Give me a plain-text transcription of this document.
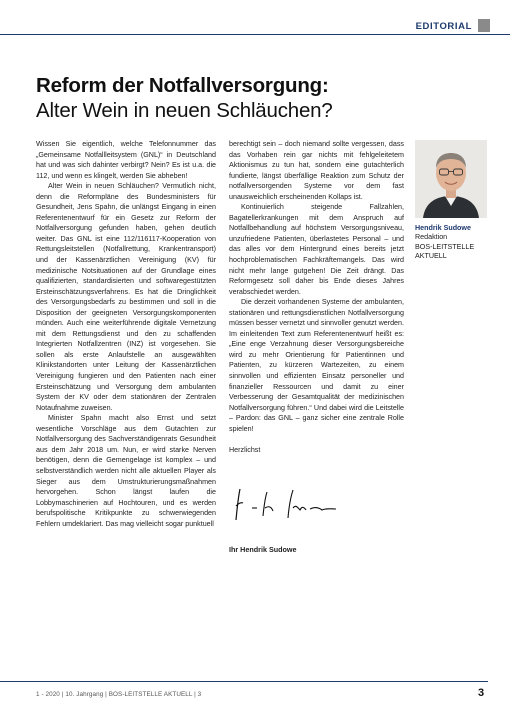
EDITORIAL
Reform der Notfallversorgung:
Alter Wein in neuen Schläuchen?

Wissen Sie eigentlich, welche Telefonnummer das „Gemeinsame Notfallleitsystem (GNL)“ in Deutschland hat und was sich dahinter verbirgt? Nein? Es ist u.a. die 112, und wenn es klingelt, werden Sie abheben!

Alter Wein in neuen Schläuchen? Vermutlich nicht, denn die Reformpläne des Bundesministers für Gesundheit, Jens Spahn, die unlängst Eingang in einen Referentenentwurf für ein Gesetz zur Reform der Notfallversorgung gefunden haben, gehen deutlich weiter. Das GNL ist eine 112/116117-Kooperation von Rettungsleitstellen (Notfallrettung, Krankentransport) und der Kassenärztlichen Vereinigung (KV) für medizinische Notsituationen auf der Grundlage eines qualifizierten, standardisierten und softwaregestützten Ersteinschätzungsverfahrens. Es hat die Dringlichkeit des Versorgungsbedarfs zu bestimmen und soll in die Disposition der geeigneten Versorgungskomponenten münden. Auch eine weiterführende digitale Vernetzung mit dem Rettungsdienst und den zu schaffenden Integrierten Notfallzentren (INZ) ist vorgesehen. Sie sollen als erste Anlaufstelle an ausgewählten Klinikstandorten unter Leitung der Kassenärztlichen Vereinigung fungieren und den Patienten nach einer Ersteinschätzung und Versorgung dem ambulanten System der KV oder dem stationären der Zentralen Notaufnahme zuweisen.

Minister Spahn macht also Ernst und setzt wesentliche Vorschläge aus dem Gutachten zur Notfallversorgung des Sachverständigenrats Gesundheit aus dem Jahr 2018 um. Nun, er wird starke Nerven benötigen, denn die Gemengelage ist komplex – und selbstverständlich werden nicht alle aktuellen Player als Sieger aus dem Umstrukturierungsmaßnahmen hervorgehen. Schon längst laufen die Lobbymaschinerien auf Hochtouren, und es werden berufspolitische Kritikpunkte zu schwerwiegenden Fehlern umdeklariert. Das mag vielleicht sogar punktuell

berechtigt sein – doch niemand sollte vergessen, dass das Vorhaben rein gar nichts mit fehlgeleitetem Aktionismus zu tun hat, sondern eine gutachterlich fundierte, längst überfällige Reaktion zum Schutz der notfallversorgenden Systeme vor dem fast unausweichlich erscheinenden Kollaps ist.

Kontinuierlich steigende Fallzahlen, Bagatellerkrankungen mit dem Anspruch auf Notfallbehandlung auf höchstem Versorgungsniveau, unzufriedene Patienten, überlastetes Personal – und das alles vor dem Hintergrund eines bereits jetzt hochproblematischen Fachkräftemangels. Das wird nicht mehr lange gutgehen! Die Zeit drängt. Das Reformgesetz soll daher bis Ende dieses Jahres verabschiedet werden.

Die derzeit vorhandenen Systeme der ambulanten, stationären und rettungsdienstlichen Notfallversorgung müssen besser vernetzt und sinnvoller genutzt werden. Im einleitenden Text zum Referentenentwurf heißt es: „Eine enge Verzahnung dieser Versorgungsbereiche wird zu mehr Orientierung für Patientinnen und Patienten, zu kürzeren Wartezeiten, zu einem sinnvollen und effizienten Einsatz personeller und finanzieller Ressourcen und damit zu einer Verbesserung der Gesamtqualität der medizinischen Notfallversorgung führen.“ Und dabei wird die Leitstelle – Pardon: das GNL – ganz sicher eine zentrale Rolle spielen!

Herzlichst

Ihr Hendrik Sudowe
Hendrik Sudowe
Redaktion
BOS-LEITSTELLE
AKTUELL
1 - 2020 | 10. Jahrgang | BOS-LEITSTELLE AKTUELL | 3	3
